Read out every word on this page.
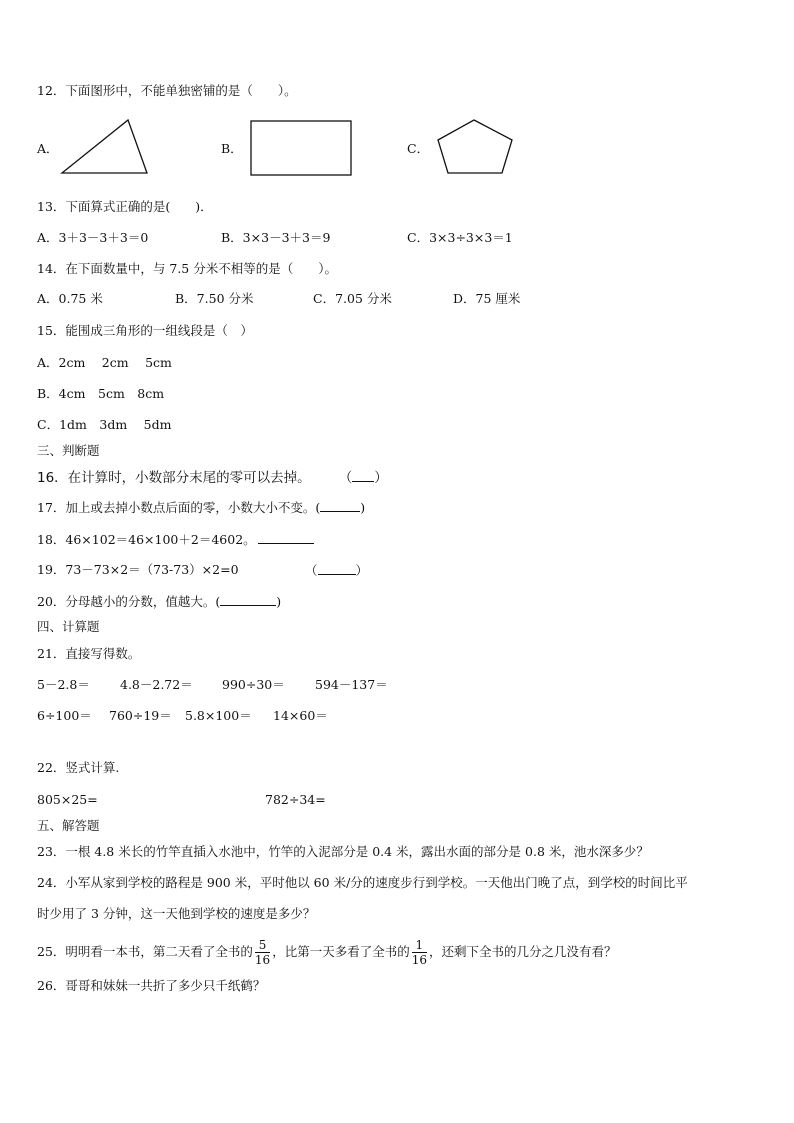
12．下面图形中，不能单独密铺的是（　　）。
A．	B．	C．
13．下面算式正确的是(　　)．
A．3＋3－3＋3＝0	B．3×3－3＋3＝9	C．3×3÷3×3＝1
14．在下面数量中，与 7.5 分米不相等的是（　　）。
A．0.75 米	B．7.50 分米	C．7.05 分米	D．75 厘米
15．能围成三角形的一组线段是（　）
A．2cm　 2cm　 5cm
B．4cm　5cm　8cm
C．1dm　3dm　 5dm
三、判断题
16．在计算时，小数部分末尾的零可以去掉。 （ ）
17．加上或去掉小数点后面的零，小数大小不变。(	)
18．46×102＝46×100＋2＝4602。
19．73－73×2＝（73-73）×2=0	（	）
20．分母越小的分数，值越大。(	)
四、计算题
21．直接写得数。
5－2.8＝ 4.8－2.72＝ 990÷30＝ 594－137＝
6÷100＝ 760÷19＝ 5.8×100＝ 14×60＝
22．竖式计算.
805×25=	782÷34=
五、解答题
23．一根 4.8 米长的竹竿直插入水池中，竹竿的入泥部分是 0.4 米，露出水面的部分是 0.8 米，池水深多少？
24．小军从家到学校的路程是 900 米，平时他以 60 米/分的速度步行到学校。一天他出门晚了点，到学校的时间比平
时少用了 3 分钟，这一天他到学校的速度是多少？
25．明明看一本书，第二天看了全书的 $\frac{5}{16}$ ，比第一天多看了全书的 $\frac{1}{16}$ ，还剩下全书的几分之几没有看？
26．哥哥和妹妹一共折了多少只千纸鹤？
